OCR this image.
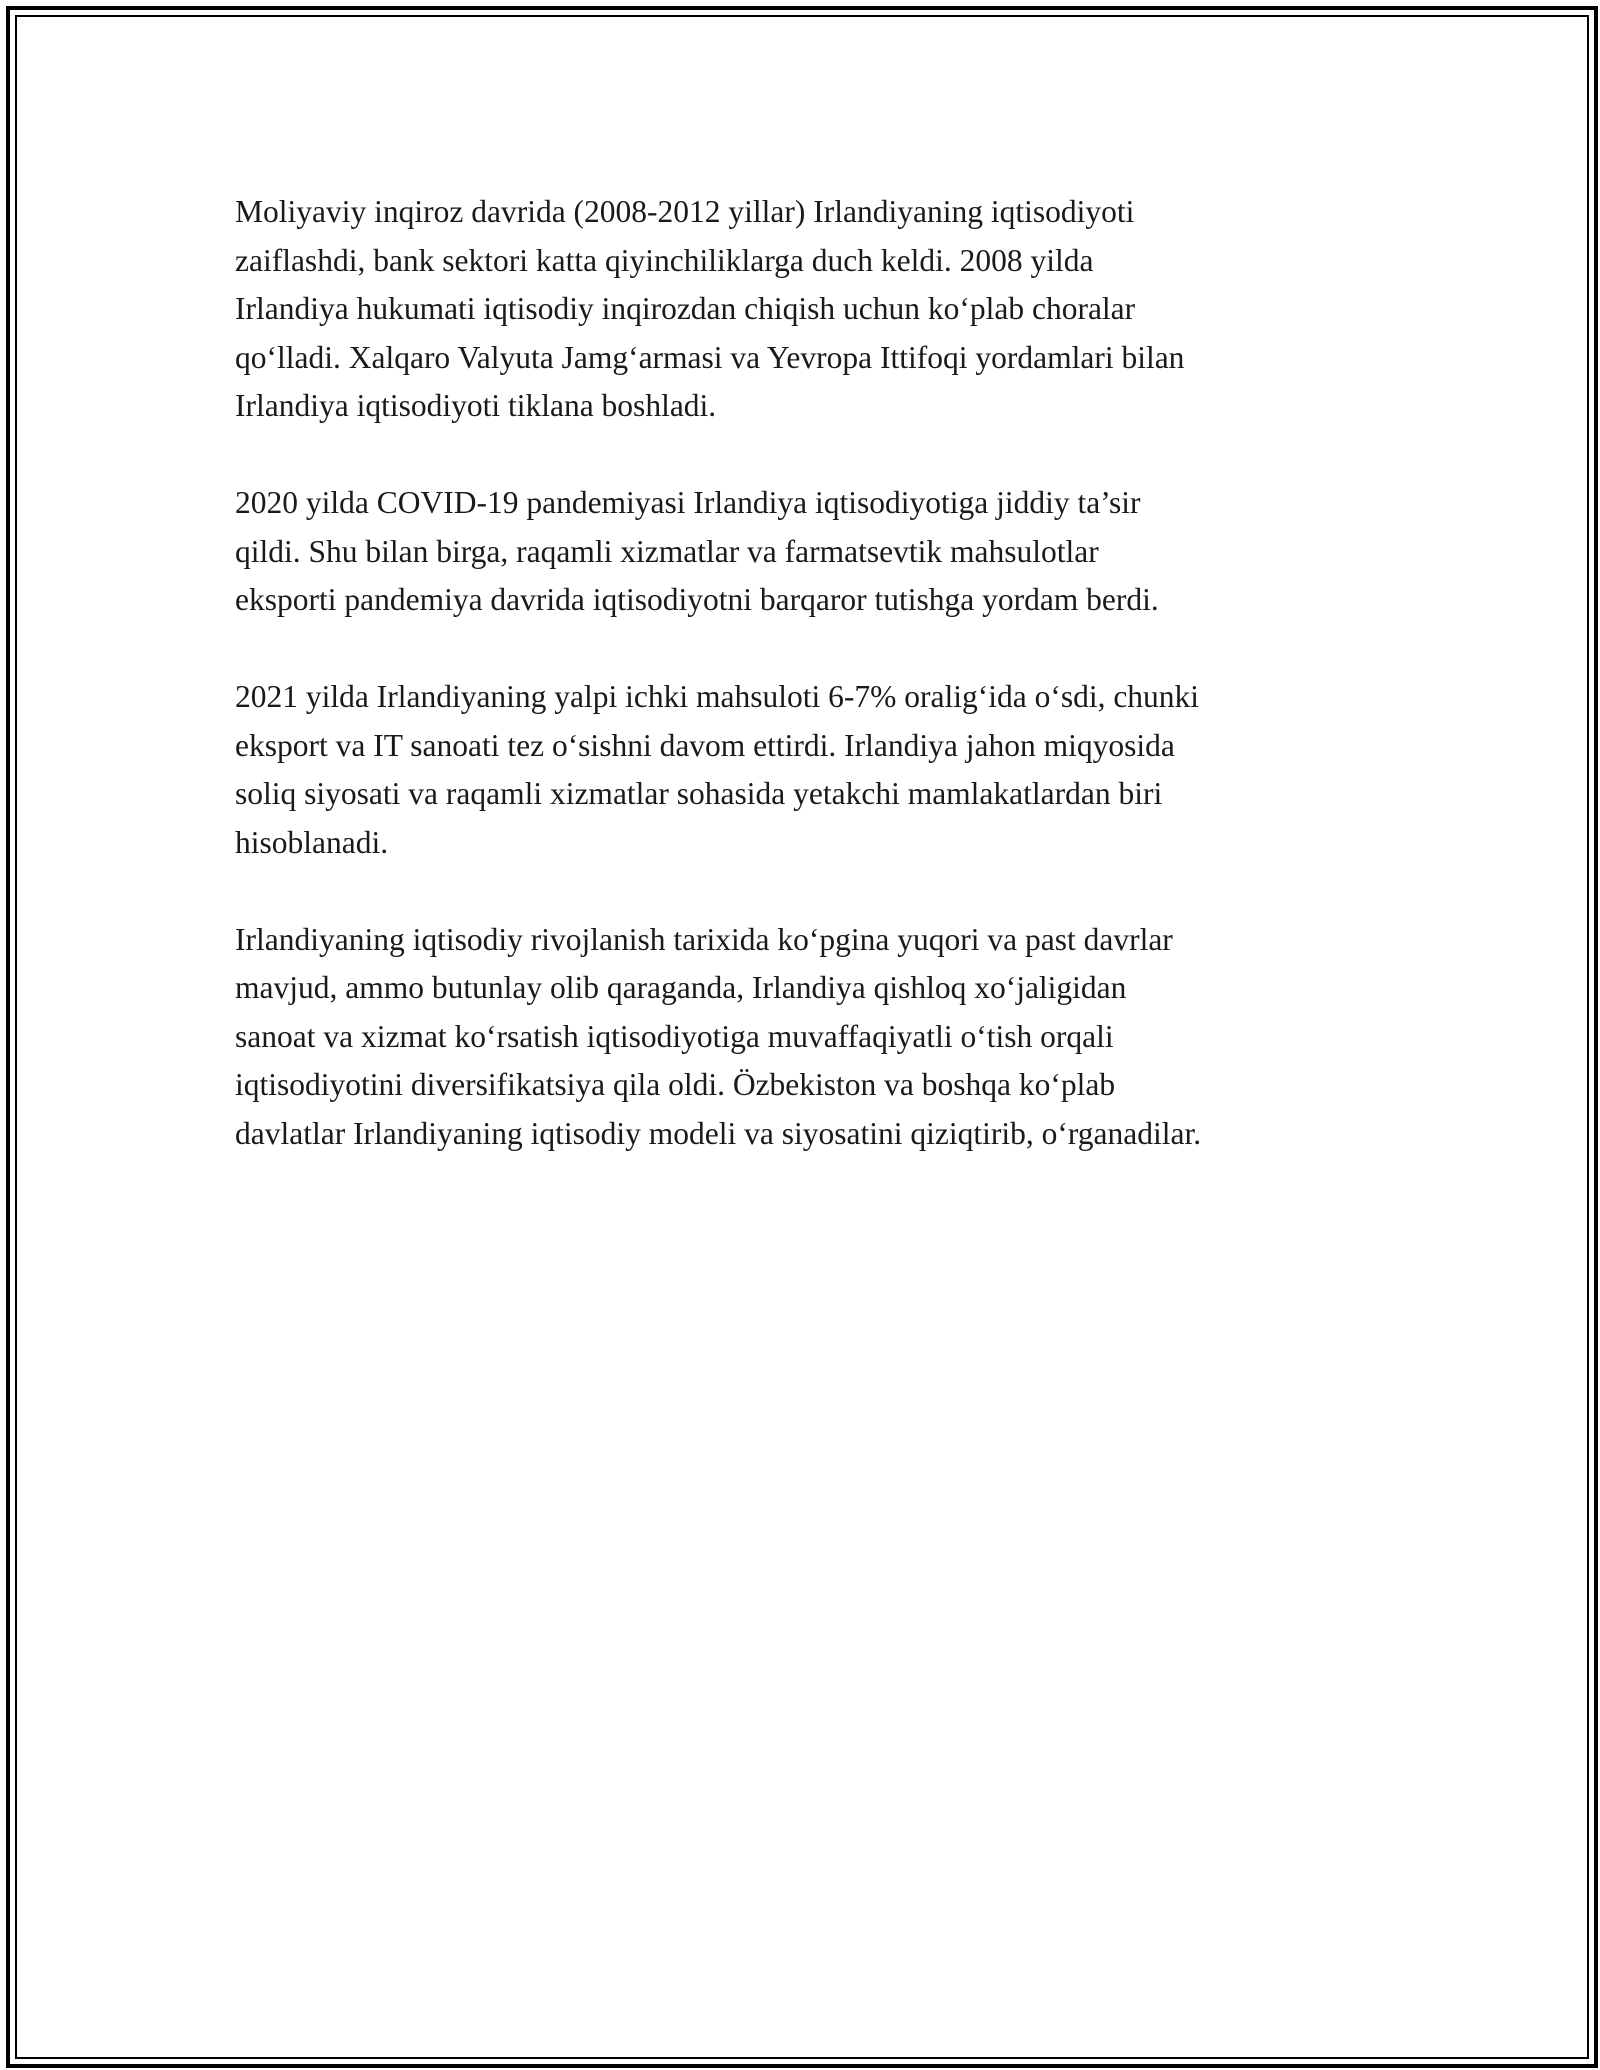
Moliyaviy inqiroz davrida (2008-2012 yillar) Irlandiyaning iqtisodiyoti
zaiflashdi, bank sektori katta qiyinchiliklarga duch keldi. 2008 yilda
Irlandiya hukumati iqtisodiy inqirozdan chiqish uchun ko‘plab choralar
qo‘lladi. Xalqaro Valyuta Jamg‘armasi va Yevropa Ittifoqi yordamlari bilan
Irlandiya iqtisodiyoti tiklana boshladi.

2020 yilda COVID-19 pandemiyasi Irlandiya iqtisodiyotiga jiddiy ta’sir
qildi. Shu bilan birga, raqamli xizmatlar va farmatsevtik mahsulotlar
eksporti pandemiya davrida iqtisodiyotni barqaror tutishga yordam berdi.

2021 yilda Irlandiyaning yalpi ichki mahsuloti 6-7% oralig‘ida o‘sdi, chunki
eksport va IT sanoati tez o‘sishni davom ettirdi. Irlandiya jahon miqyosida
soliq siyosati va raqamli xizmatlar sohasida yetakchi mamlakatlardan biri
hisoblanadi.

Irlandiyaning iqtisodiy rivojlanish tarixida ko‘pgina yuqori va past davrlar
mavjud, ammo butunlay olib qaraganda, Irlandiya qishloq xo‘jaligidan
sanoat va xizmat ko‘rsatish iqtisodiyotiga muvaffaqiyatli o‘tish orqali
iqtisodiyotini diversifikatsiya qila oldi. Özbekiston va boshqa ko‘plab
davlatlar Irlandiyaning iqtisodiy modeli va siyosatini qiziqtirib, o‘rganadilar.
